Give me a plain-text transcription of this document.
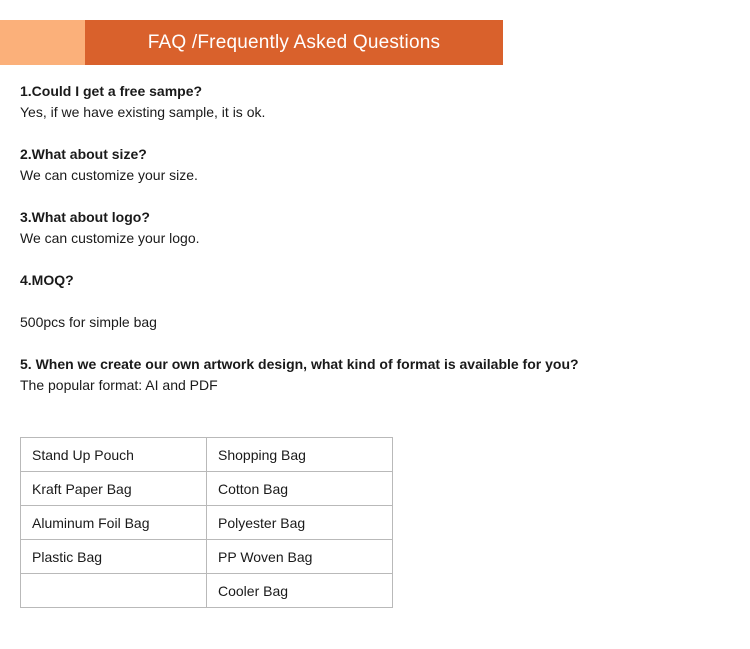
FAQ /Frequently Asked Questions

1.Could I get a free sampe?

Yes, if we have existing sample, it is ok.

2.What about size?

We can customize your size.

3.What about logo?

We can customize your logo.

4.MOQ?

500pcs for simple bag

5. When we create our own artwork design, what kind of format is available for you?

The popular format: AI and PDF

Stand Up Pouch	Shopping Bag
Kraft Paper Bag	Cotton Bag
Aluminum Foil Bag	Polyester Bag
Plastic Bag	PP Woven Bag
	Cooler Bag
